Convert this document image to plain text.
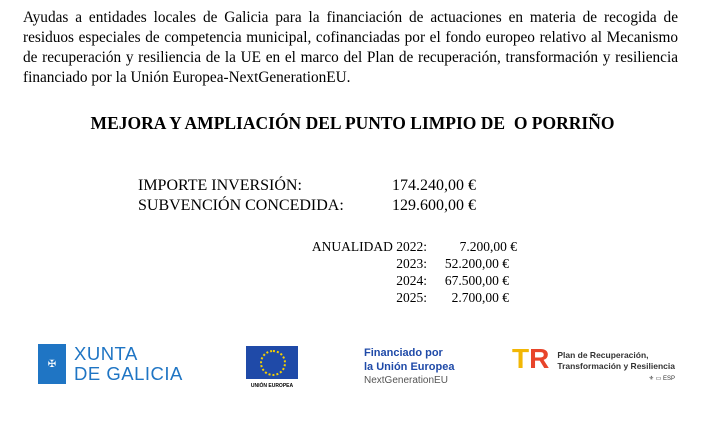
Ayudas a entidades locales de Galicia para la financiación de actuaciones en materia de recogida de residuos especiales de competencia municipal, cofinanciadas por el fondo europeo relativo al Mecanismo de recuperación y resiliencia de la UE en el marco del Plan de recuperación, transformación y resiliencia financiado por la Unión Europea-NextGenerationEU.

MEJORA Y AMPLIACIÓN DEL PUNTO LIMPIO DE  O PORRIÑO
IMPORTE INVERSIÓN:	174.240,00 €
SUBVENCIÓN CONCEDIDA:	129.600,00 €
ANUALIDAD 2022:	7.200,00 €
2023:	52.200,00 €
2024:	67.500,00 €
2025:	2.700,00 €
✠ XUNTA
DE GALICIA
UNIÓN EUROPEA
Financiado por
la Unión Europea
NextGenerationEU
TR Plan de Recuperación,
Transformación y Resiliencia
⚜ ▭ ESP
